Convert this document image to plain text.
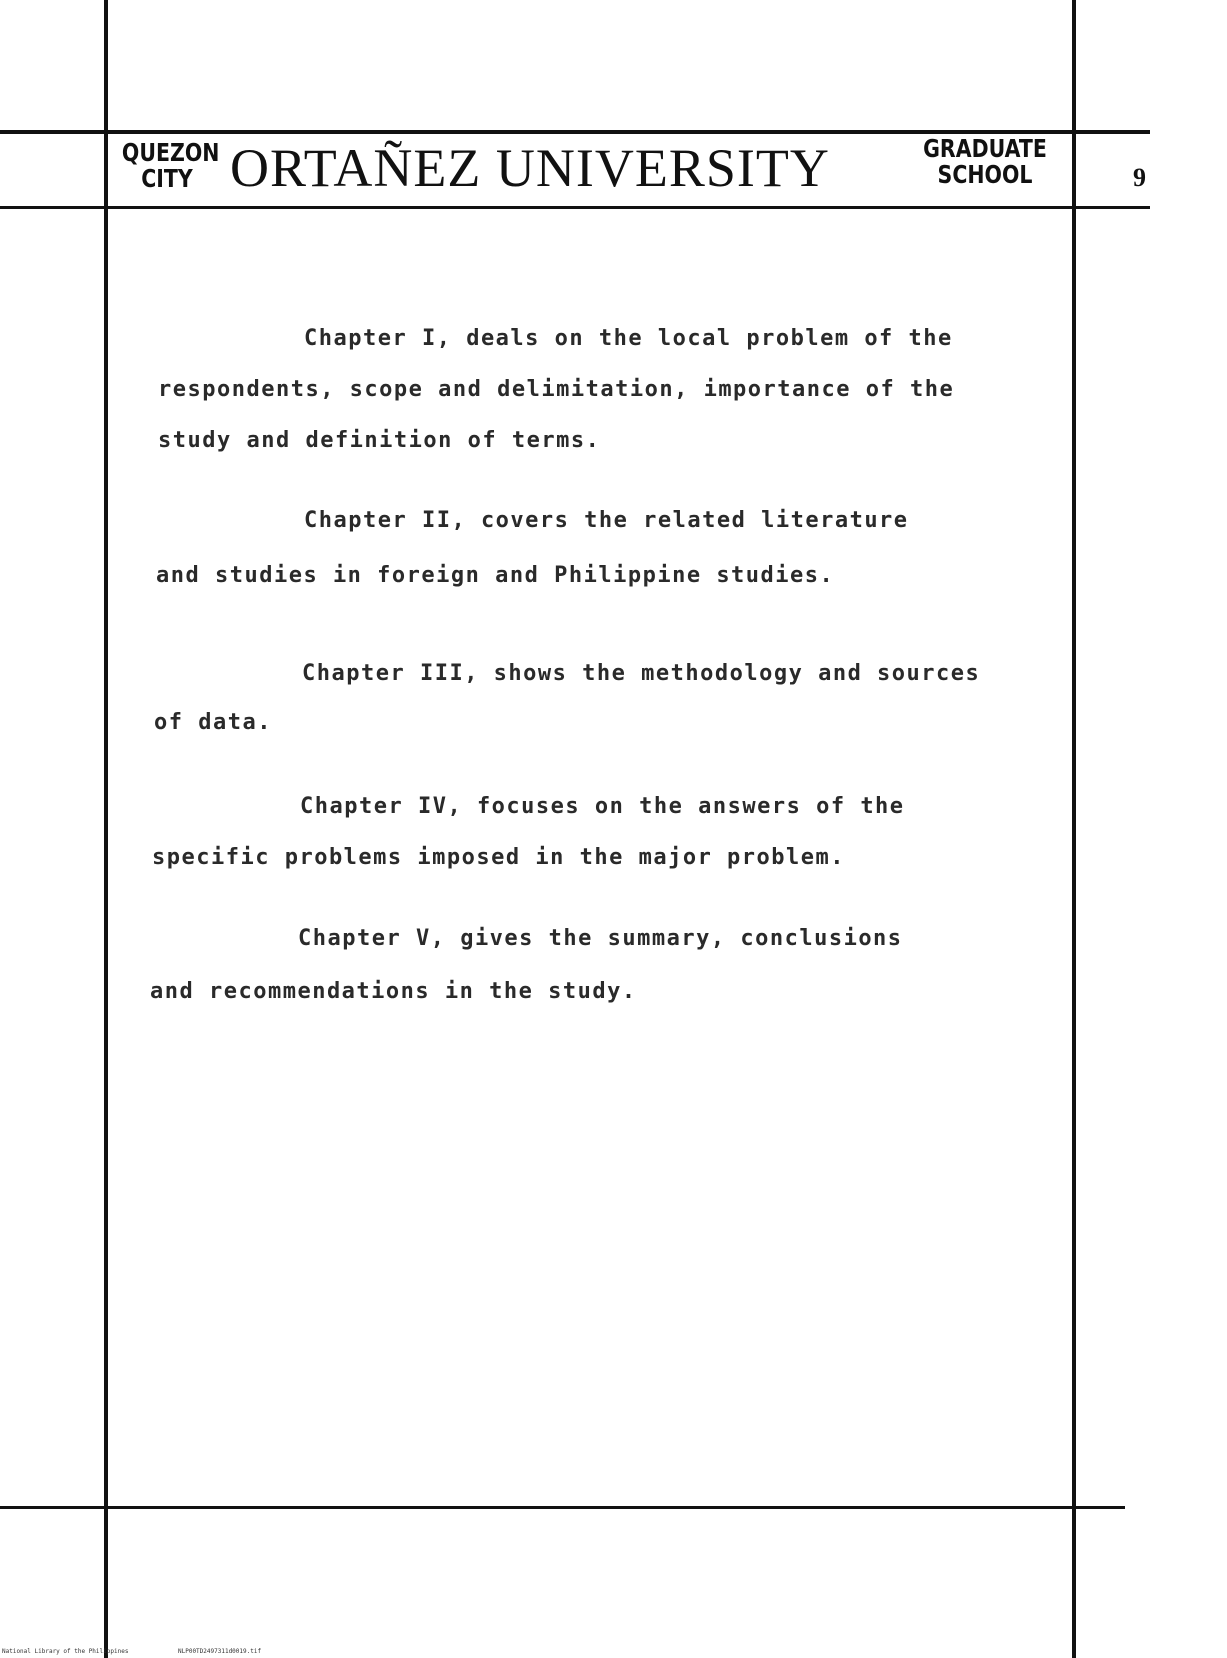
QUEZON
CITY ORTAÑEZ UNIVERSITY	GRADUATE
SCHOOL	9
Chapter I, deals on the local problem of the
respondents, scope and delimitation, importance of the
study and definition of terms.
Chapter II, covers the related literature
and studies in foreign and Philippine studies.
Chapter III, shows the methodology and sources
of data.
Chapter IV, focuses on the answers of the
specific problems imposed in the major problem.
Chapter V, gives the summary, conclusions
and recommendations in the study.
National Library of the Philippines	NLP00TD2497311d0019.tif
